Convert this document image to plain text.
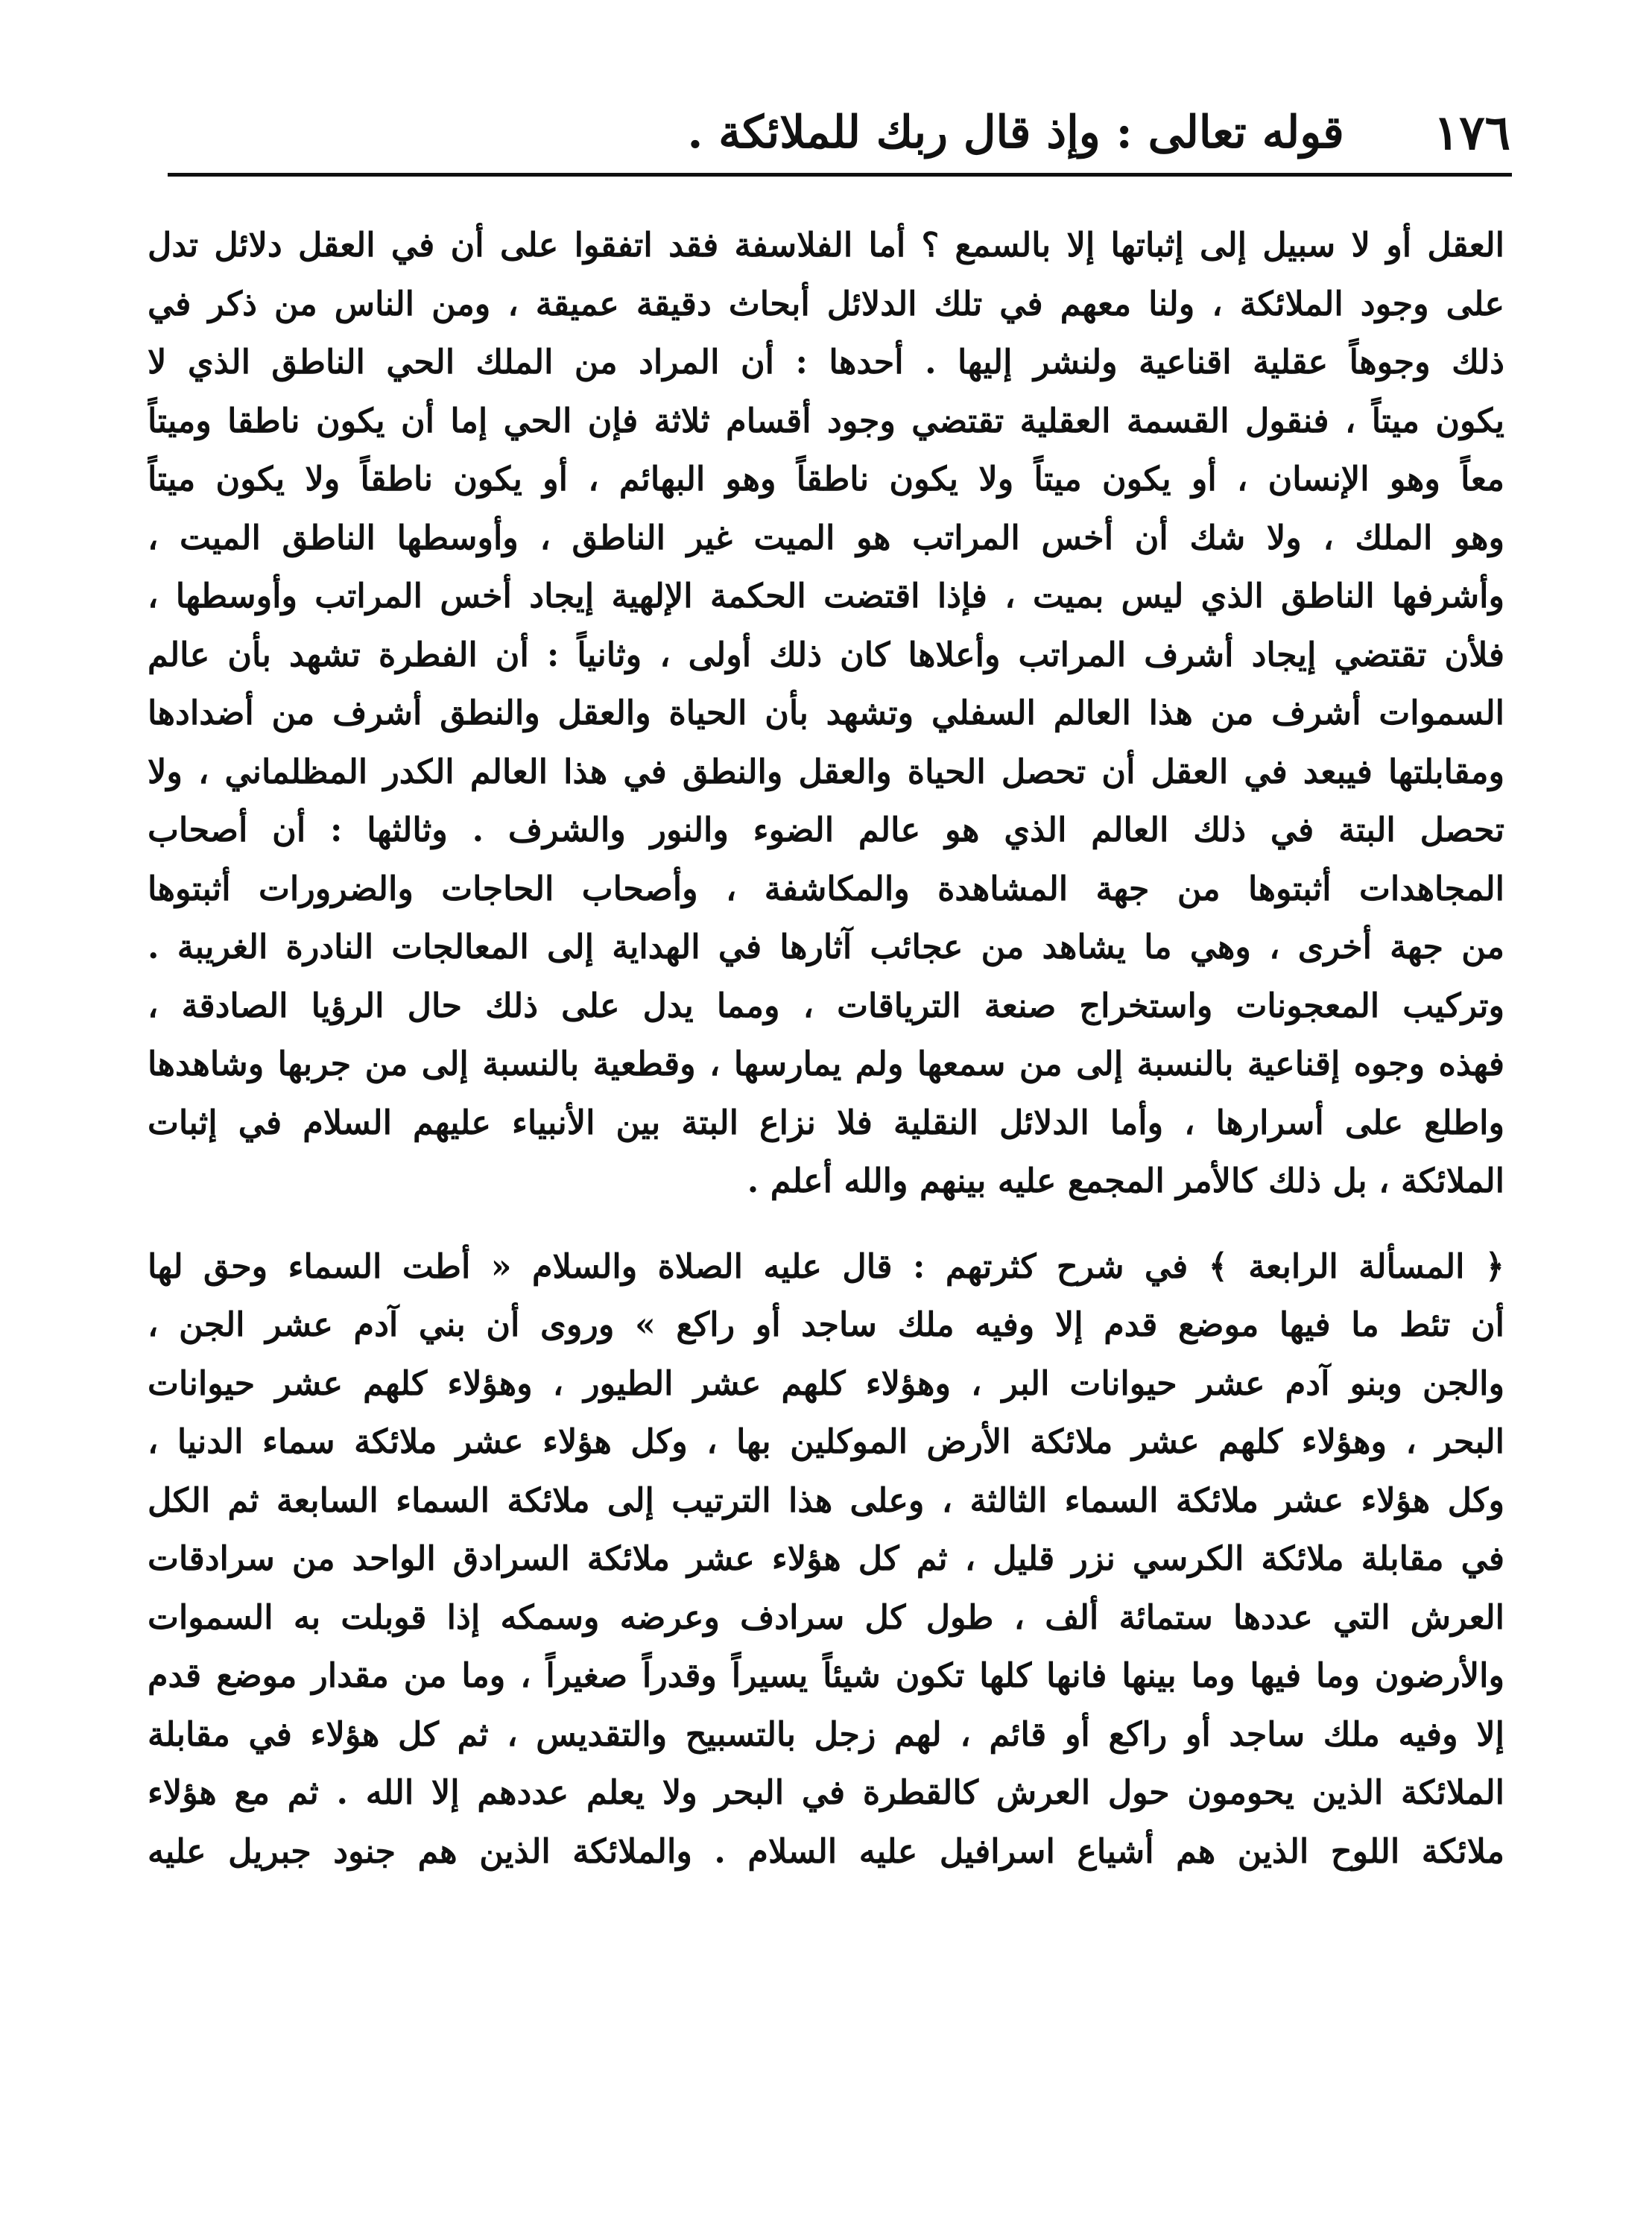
١٧٦
قوله تعالى : وإذ قال ربك للملائكة .
العقل أو لا سبيل إلى إثباتها إلا بالسمع ؟ أما الفلاسفة فقد اتفقوا على أن في العقل دلائل تدل
على وجود الملائكة ، ولنا معهم في تلك الدلائل أبحاث دقيقة عميقة ، ومن الناس من ذكر في
ذلك وجوهاً عقلية اقناعية ولنشر إليها . أحدها : أن المراد من الملك الحي الناطق الذي لا
يكون ميتاً ، فنقول القسمة العقلية تقتضي وجود أقسام ثلاثة فإن الحي إما أن يكون ناطقا وميتاً
معاً وهو الإنسان ، أو يكون ميتاً ولا يكون ناطقاً وهو البهائم ، أو يكون ناطقاً ولا يكون ميتاً
وهو الملك ، ولا شك أن أخس المراتب هو الميت غير الناطق ، وأوسطها الناطق الميت ،
وأشرفها الناطق الذي ليس بميت ، فإذا اقتضت الحكمة الإلهية إيجاد أخس المراتب وأوسطها ،
فلأن تقتضي إيجاد أشرف المراتب وأعلاها كان ذلك أولى ، وثانياً : أن الفطرة تشهد بأن عالم
السموات أشرف من هذا العالم السفلي وتشهد بأن الحياة والعقل والنطق أشرف من أضدادها
ومقابلتها فيبعد في العقل أن تحصل الحياة والعقل والنطق في هذا العالم الكدر المظلماني ، ولا
تحصل البتة في ذلك العالم الذي هو عالم الضوء والنور والشرف . وثالثها : أن أصحاب
المجاهدات أثبتوها من جهة المشاهدة والمكاشفة ، وأصحاب الحاجات والضرورات أثبتوها
من جهة أخرى ، وهي ما يشاهد من عجائب آثارها في الهداية إلى المعالجات النادرة الغريبة .
وتركيب المعجونات واستخراج صنعة الترياقات ، ومما يدل على ذلك حال الرؤيا الصادقة ،
فهذه وجوه إقناعية بالنسبة إلى من سمعها ولم يمارسها ، وقطعية بالنسبة إلى من جربها وشاهدها
واطلع على أسرارها ، وأما الدلائل النقلية فلا نزاع البتة بين الأنبياء عليهم السلام في إثبات
الملائكة ، بل ذلك كالأمر المجمع عليه بينهم والله أعلم .
﴿ المسألة الرابعة ﴾ في شرح كثرتهم : قال عليه الصلاة والسلام « أطت السماء وحق لها
أن تئط ما فيها موضع قدم إلا وفيه ملك ساجد أو راكع » وروى أن بني آدم عشر الجن ،
والجن وبنو آدم عشر حيوانات البر ، وهؤلاء كلهم عشر الطيور ، وهؤلاء كلهم عشر حيوانات
البحر ، وهؤلاء كلهم عشر ملائكة الأرض الموكلين بها ، وكل هؤلاء عشر ملائكة سماء الدنيا ،
وكل هؤلاء عشر ملائكة السماء الثالثة ، وعلى هذا الترتيب إلى ملائكة السماء السابعة ثم الكل
في مقابلة ملائكة الكرسي نزر قليل ، ثم كل هؤلاء عشر ملائكة السرادق الواحد من سرادقات
العرش التي عددها ستمائة ألف ، طول كل سرادف وعرضه وسمكه إذا قوبلت به السموات
والأرضون وما فيها وما بينها فانها كلها تكون شيئاً يسيراً وقدراً صغيراً ، وما من مقدار موضع قدم
إلا وفيه ملك ساجد أو راكع أو قائم ، لهم زجل بالتسبيح والتقديس ، ثم كل هؤلاء في مقابلة
الملائكة الذين يحومون حول العرش كالقطرة في البحر ولا يعلم عددهم إلا الله . ثم مع هؤلاء
ملائكة اللوح الذين هم أشياع اسرافيل عليه السلام . والملائكة الذين هم جنود جبريل عليه
